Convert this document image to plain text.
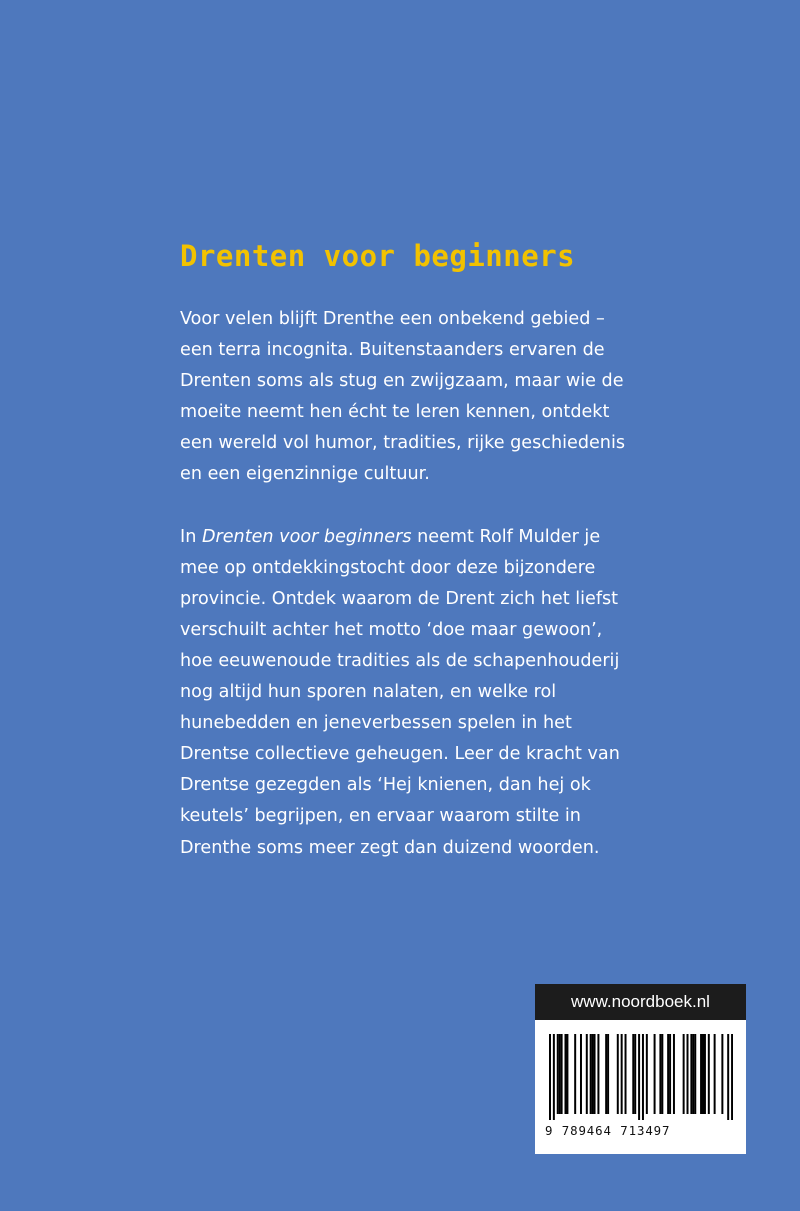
Drenten voor beginners

Voor velen blijft Drenthe een onbekend gebied –
een terra incognita. Buitenstaanders ervaren de
Drenten soms als stug en zwijgzaam, maar wie de
moeite neemt hen écht te leren kennen, ontdekt
een wereld vol humor, tradities, rijke geschiedenis
en een eigenzinnige cultuur.

In Drenten voor beginners neemt Rolf Mulder je
mee op ontdekkingstocht door deze bijzondere
provincie. Ontdek waarom de Drent zich het liefst
verschuilt achter het motto ‘doe maar gewoon’,
hoe eeuwenoude tradities als de schapenhouderij
nog altijd hun sporen nalaten, en welke rol
hunebedden en jeneverbessen spelen in het
Drentse collectieve geheugen. Leer de kracht van
Drentse gezegden als ‘Hej knienen, dan hej ok
keutels’ begrijpen, en ervaar waarom stilte in
Drenthe soms meer zegt dan duizend woorden.

www.noordboek.nl
9 789464 713497
